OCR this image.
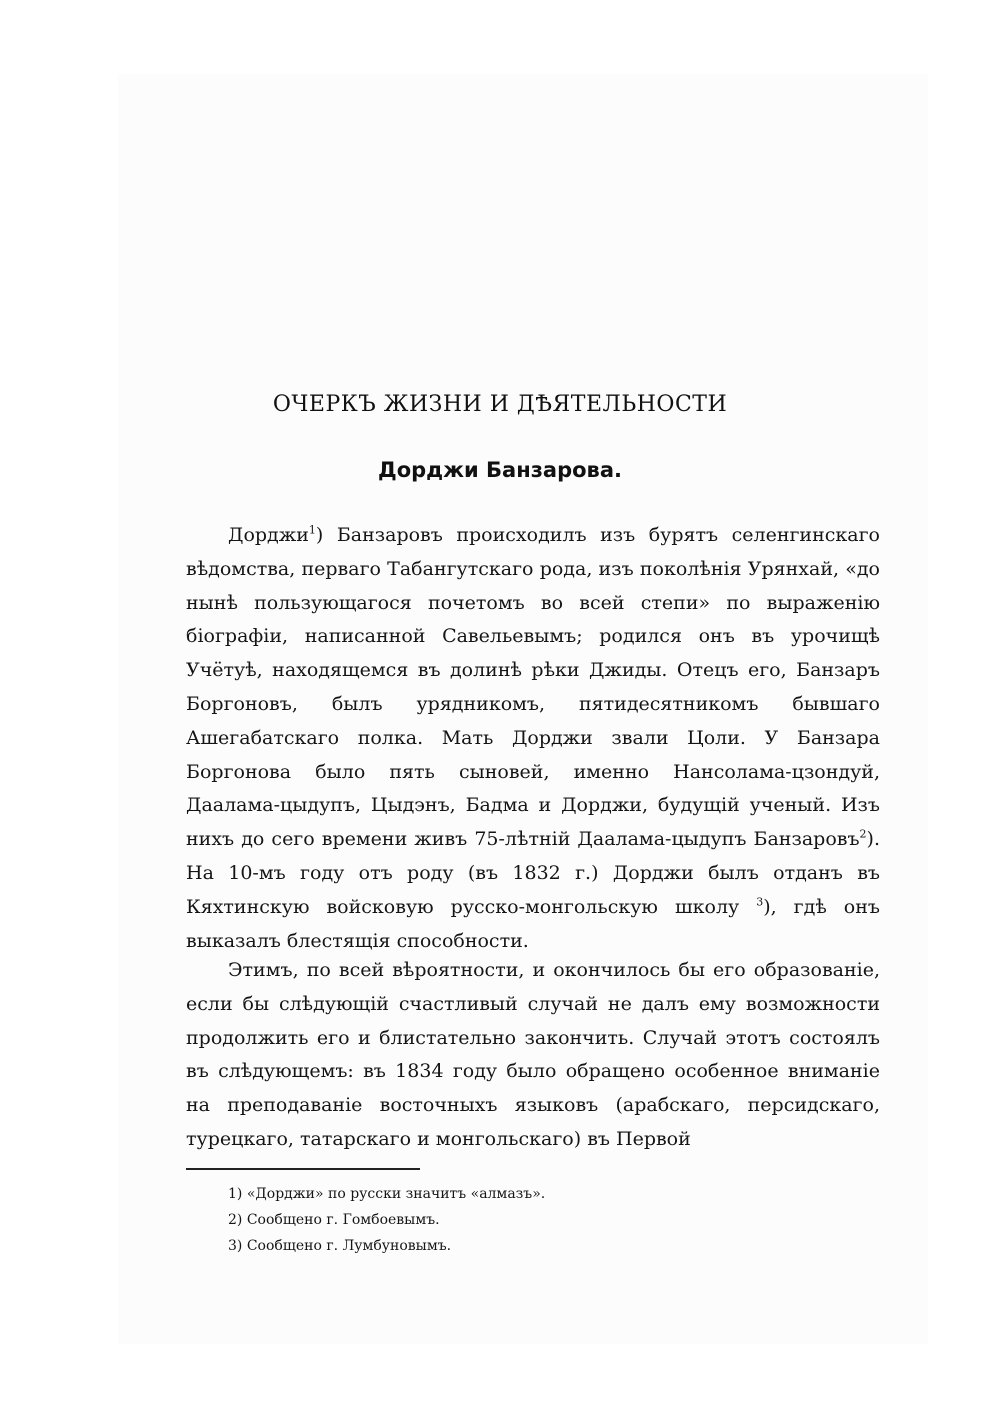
ОЧЕРКЪ ЖИЗНИ И ДѢЯТЕЛЬНОСТИ
Дорджи Банзарова.

Дорджи$^1$) Банзаровъ происходилъ изъ бурятъ селенгинскаго вѣдомства, перваго Табангутскаго рода, изъ поколѣнія Урянхай, «до нынѣ пользующагося почетомъ во всей степи» по выраженію біографіи, написанной Савельевымъ; родился онъ въ урочищѣ Учётуѣ, находящемся въ долинѣ рѣки Джиды. Отецъ его, Банзаръ Боргоновъ, былъ урядникомъ, пятидесятникомъ бывшаго Ашегабатскаго полка. Мать Дорджи звали Цоли. У Банзара Боргонова было пять сыновей, именно Нансолама-цзондуй, Даалама-цыдупъ, Цыдэнъ, Бадма и Дорджи, будущій ученый. Изъ нихъ до сего времени живъ 75-лѣтній Даалама-цыдупъ Банзаровъ$^2$). На 10-мъ году отъ роду (въ 1832 г.) Дорджи былъ отданъ въ Кяхтинскую войсковую русско-монгольскую школу $^3$), гдѣ онъ выказалъ блестящія способности.

Этимъ, по всей вѣроятности, и окончилось бы его образованіе, если бы слѣдующій счастливый случай не далъ ему возможности продолжить его и блистательно закончить. Случай этотъ состоялъ въ слѣдующемъ: въ 1834 году было обращено особенное вниманіе на преподаваніе восточныхъ языковъ (арабскаго, персидскаго, турецкаго, татарскаго и монгольскаго) въ Первой

1) «Дорджи» по русски значитъ «алмазъ».
2) Сообщено г. Гомбоевымъ.
3) Сообщено г. Лумбуновымъ.
